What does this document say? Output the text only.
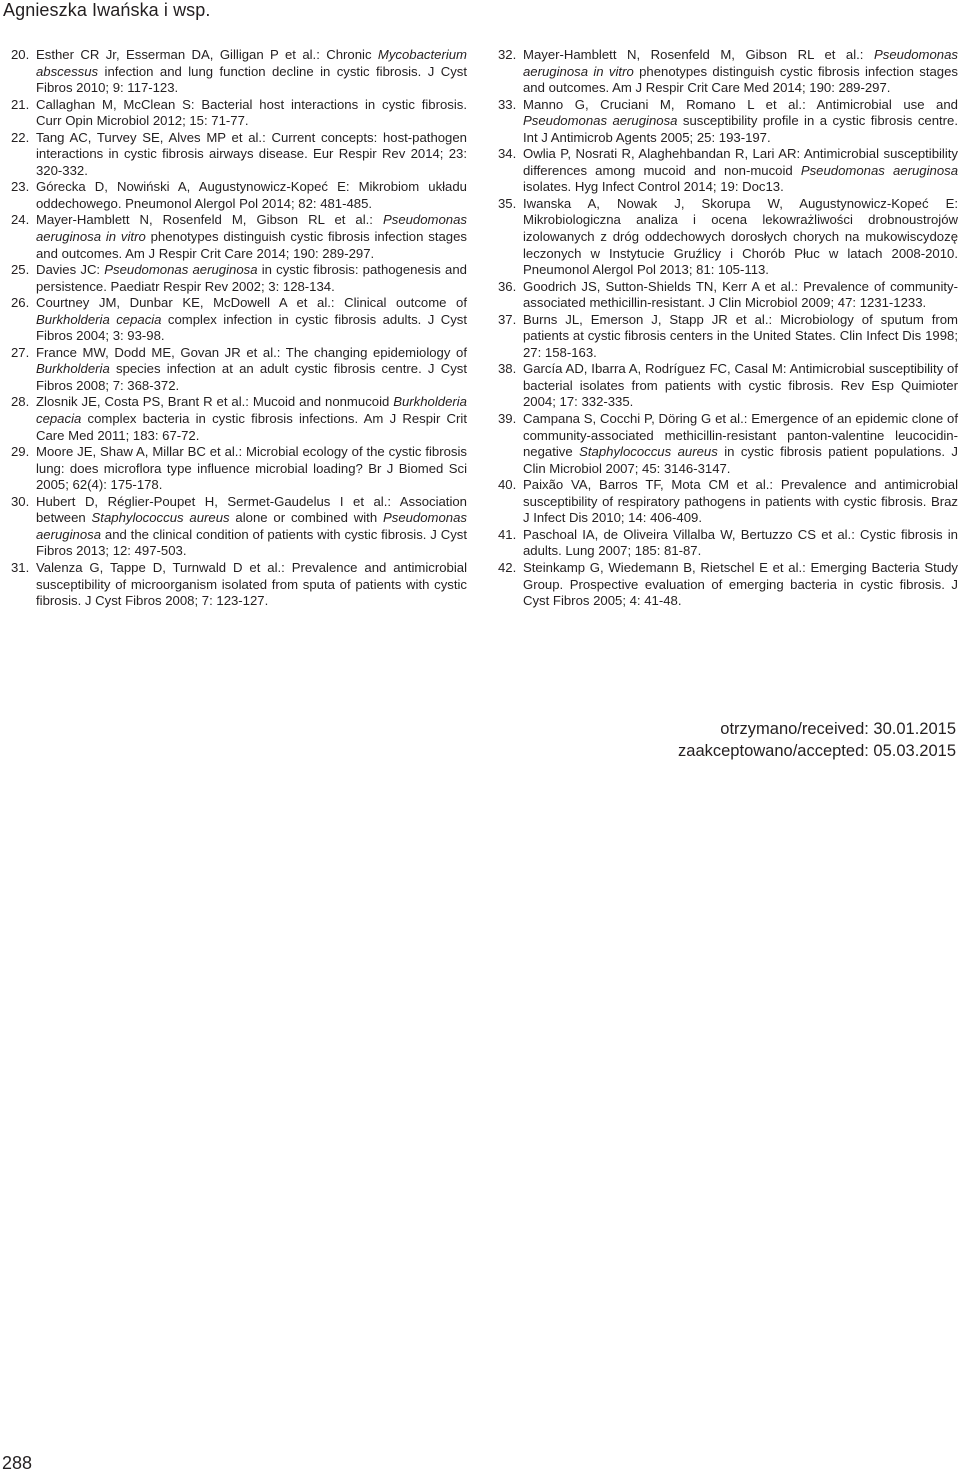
Agnieszka Iwańska i wsp.
20. Esther CR Jr, Esserman DA, Gilligan P et al.: Chronic Mycobacterium abscessus infection and lung function decline in cystic fibrosis. J Cyst Fibros 2010; 9: 117-123.
21. Callaghan M, McClean S: Bacterial host interactions in cystic fibrosis. Curr Opin Microbiol 2012; 15: 71-77.
22. Tang AC, Turvey SE, Alves MP et al.: Current concepts: host-pathogen interactions in cystic fibrosis airways disease. Eur Respir Rev 2014; 23: 320-332.
23. Górecka D, Nowiński A, Augustynowicz-Kopeć E: Mikrobiom układu oddechowego. Pneumonol Alergol Pol 2014; 82: 481-485.
24. Mayer-Hamblett N, Rosenfeld M, Gibson RL et al.: Pseudomonas aeruginosa in vitro phenotypes distinguish cystic fibrosis infection stages and outcomes. Am J Respir Crit Care 2014; 190: 289-297.
25. Davies JC: Pseudomonas aeruginosa in cystic fibrosis: pathogenesis and persistence. Paediatr Respir Rev 2002; 3: 128-134.
26. Courtney JM, Dunbar KE, McDowell A et al.: Clinical outcome of Burkholderia cepacia complex infection in cystic fibrosis adults. J Cyst Fibros 2004; 3: 93-98.
27. France MW, Dodd ME, Govan JR et al.: The changing epidemiology of Burkholderia species infection at an adult cystic fibrosis centre. J Cyst Fibros 2008; 7: 368-372.
28. Zlosnik JE, Costa PS, Brant R et al.: Mucoid and nonmucoid Burkholderia cepacia complex bacteria in cystic fibrosis infections. Am J Respir Crit Care Med 2011; 183: 67-72.
29. Moore JE, Shaw A, Millar BC et al.: Microbial ecology of the cystic fibrosis lung: does microflora type influence microbial loading? Br J Biomed Sci 2005; 62(4): 175-178.
30. Hubert D, Réglier-Poupet H, Sermet-Gaudelus I et al.: Association between Staphylococcus aureus alone or combined with Pseudomonas aeruginosa and the clinical condition of patients with cystic fibrosis. J Cyst Fibros 2013; 12: 497-503.
31. Valenza G, Tappe D, Turnwald D et al.: Prevalence and antimicrobial susceptibility of microorganism isolated from sputa of patients with cystic fibrosis. J Cyst Fibros 2008; 7: 123-127.
32. Mayer-Hamblett N, Rosenfeld M, Gibson RL et al.: Pseudomonas aeruginosa in vitro phenotypes distinguish cystic fibrosis infection stages and outcomes. Am J Respir Crit Care Med 2014; 190: 289-297.
33. Manno G, Cruciani M, Romano L et al.: Antimicrobial use and Pseudomonas aeruginosa susceptibility profile in a cystic fibrosis centre. Int J Antimicrob Agents 2005; 25: 193-197.
34. Owlia P, Nosrati R, Alaghehbandan R, Lari AR: Antimicrobial susceptibility differences among mucoid and non-mucoid Pseudomonas aeruginosa isolates. Hyg Infect Control 2014; 19: Doc13.
35. Iwanska A, Nowak J, Skorupa W, Augustynowicz-Kopeć E: Mikrobiologiczna analiza i ocena lekowrażliwości drobnoustrojów izolowanych z dróg oddechowych dorosłych chorych na mukowiscydozę leczonych w Instytucie Gruźlicy i Chorób Płuc w latach 2008-2010. Pneumonol Alergol Pol 2013; 81: 105-113.
36. Goodrich JS, Sutton-Shields TN, Kerr A et al.: Prevalence of community-associated methicillin-resistant. J Clin Microbiol 2009; 47: 1231-1233.
37. Burns JL, Emerson J, Stapp JR et al.: Microbiology of sputum from patients at cystic fibrosis centers in the United States. Clin Infect Dis 1998; 27: 158-163.
38. García AD, Ibarra A, Rodríguez FC, Casal M: Antimicrobial susceptibility of bacterial isolates from patients with cystic fibrosis. Rev Esp Quimioter 2004; 17: 332-335.
39. Campana S, Cocchi P, Döring G et al.: Emergence of an epidemic clone of community-associated methicillin-resistant panton-valentine leucocidin-negative Staphylococcus aureus in cystic fibrosis patient populations. J Clin Microbiol 2007; 45: 3146-3147.
40. Paixão VA, Barros TF, Mota CM et al.: Prevalence and antimicrobial susceptibility of respiratory pathogens in patients with cystic fibrosis. Braz J Infect Dis 2010; 14: 406-409.
41. Paschoal IA, de Oliveira Villalba W, Bertuzzo CS et al.: Cystic fibrosis in adults. Lung 2007; 185: 81-87.
42. Steinkamp G, Wiedemann B, Rietschel E et al.: Emerging Bacteria Study Group. Prospective evaluation of emerging bacteria in cystic fibrosis. J Cyst Fibros 2005; 4: 41-48.
otrzymano/received: 30.01.2015
zaakceptowano/accepted: 05.03.2015
288
